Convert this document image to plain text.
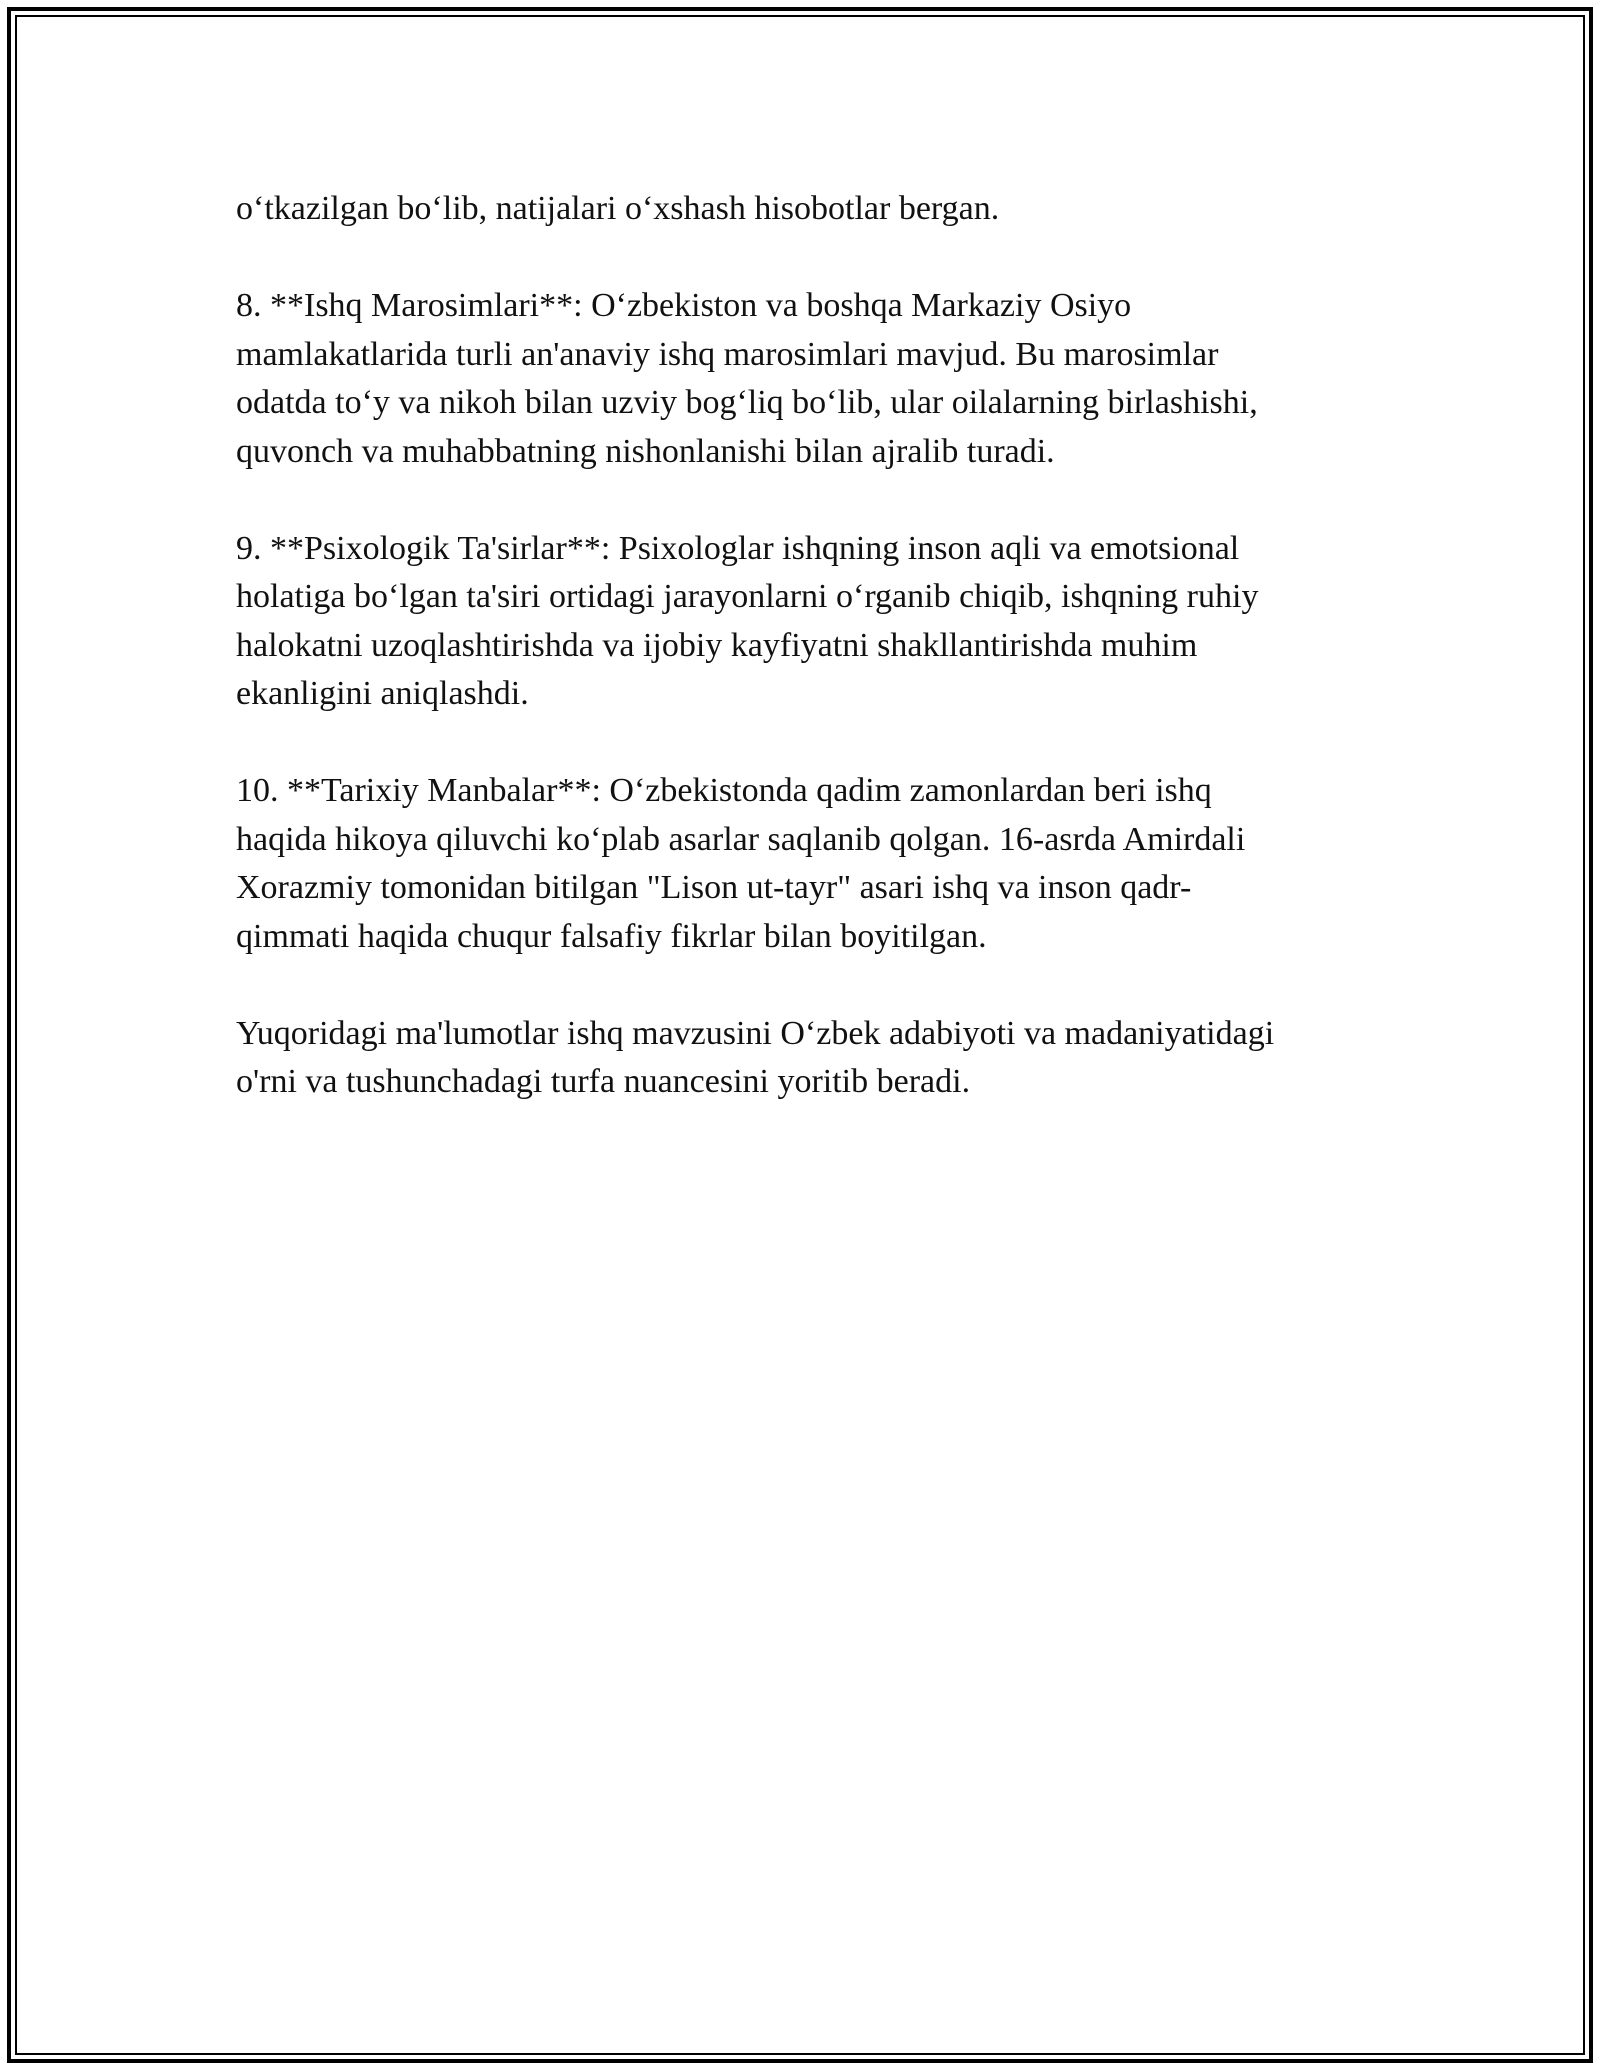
o‘tkazilgan bo‘lib, natijalari o‘xshash hisobotlar bergan.

8. **Ishq Marosimlari**: O‘zbekiston va boshqa Markaziy Osiyo
mamlakatlarida turli an'anaviy ishq marosimlari mavjud. Bu marosimlar
odatda to‘y va nikoh bilan uzviy bog‘liq bo‘lib, ular oilalarning birlashishi,
quvonch va muhabbatning nishonlanishi bilan ajralib turadi.

9. **Psixologik Ta'sirlar**: Psixologlar ishqning inson aqli va emotsional
holatiga bo‘lgan ta'siri ortidagi jarayonlarni o‘rganib chiqib, ishqning ruhiy
halokatni uzoqlashtirishda va ijobiy kayfiyatni shakllantirishda muhim
ekanligini aniqlashdi.

10. **Tarixiy Manbalar**: O‘zbekistonda qadim zamonlardan beri ishq
haqida hikoya qiluvchi ko‘plab asarlar saqlanib qolgan. 16-asrda Amirdali
Xorazmiy tomonidan bitilgan "Lison ut-tayr" asari ishq va inson qadr-
qimmati haqida chuqur falsafiy fikrlar bilan boyitilgan.

Yuqoridagi ma'lumotlar ishq mavzusini O‘zbek adabiyoti va madaniyatidagi
o'rni va tushunchadagi turfa nuancesini yoritib beradi.
